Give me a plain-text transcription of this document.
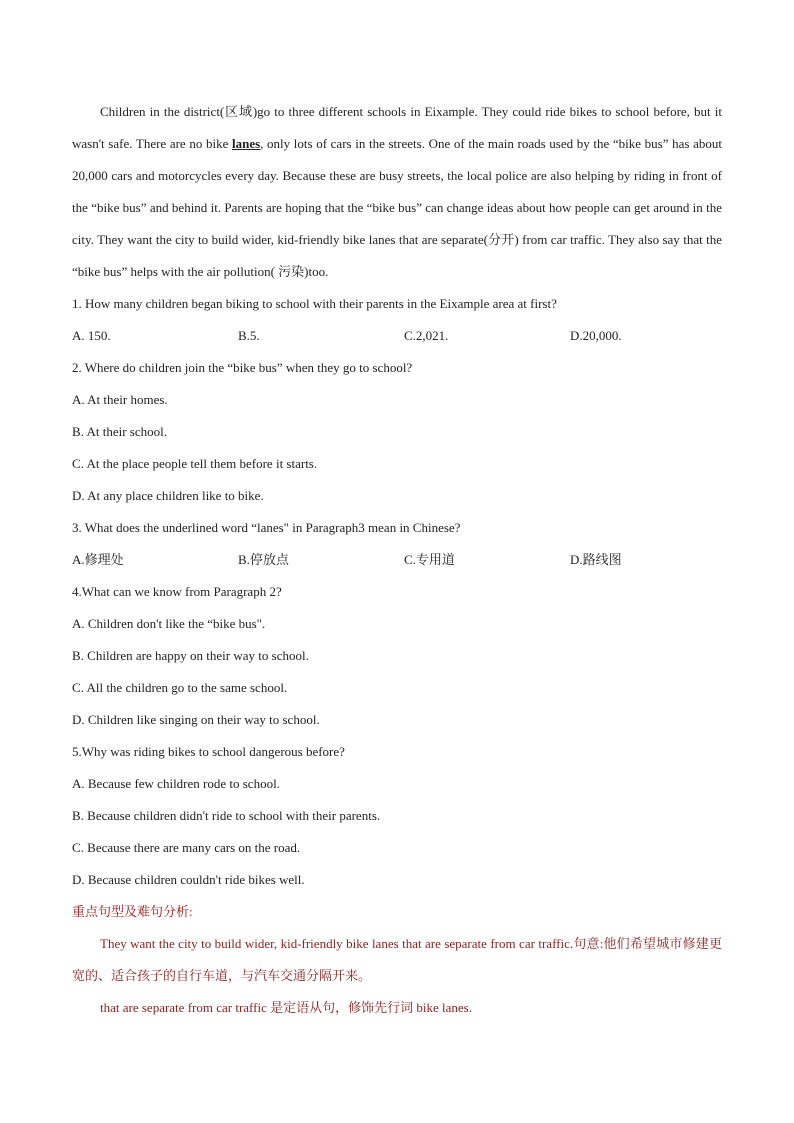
Children in the district(区域)go to three different schools in Eixample. They could ride bikes to school before, but it wasn't safe. There are no bike lanes, only lots of cars in the streets. One of the main roads used by the “bike bus” has about 20,000 cars and motorcycles every day. Because these are busy streets, the local police are also helping by riding in front of the “bike bus” and behind it. Parents are hoping that the “bike bus” can change ideas about how people can get around in the city. They want the city to build wider, kid-friendly bike lanes that are separate(分开) from car traffic. They also say that the “bike bus” helps with the air pollution( 污染)too.

1. How many children began biking to school with their parents in the Eixample area at first?

A. 150.	B.5.	C.2,021.	D.20,000.

2. Where do children join the “bike bus” when they go to school?

A. At their homes.

B. At their school.

C. At the place people tell them before it starts.

D. At any place children like to bike.

3. What does the underlined word “lanes" in Paragraph3 mean in Chinese?

A.修理处	B.停放点	C.专用道	D.路线图

4.What can we know from Paragraph 2?

A. Children don't like the “bike bus".

B. Children are happy on their way to school.

C. All the children go to the same school.

D. Children like singing on their way to school.

5.Why was riding bikes to school dangerous before?

A. Because few children rode to school.

B. Because children didn't ride to school with their parents.

C. Because there are many cars on the road.

D. Because children couldn't ride bikes well.

重点句型及难句分析:

They want the city to build wider, kid-friendly bike lanes that are separate from car traffic.句意:他们希望城市修建更宽的、适合孩子的自行车道，与汽车交通分隔开来。

that are separate from car traffic 是定语从句，修饰先行词 bike lanes.
